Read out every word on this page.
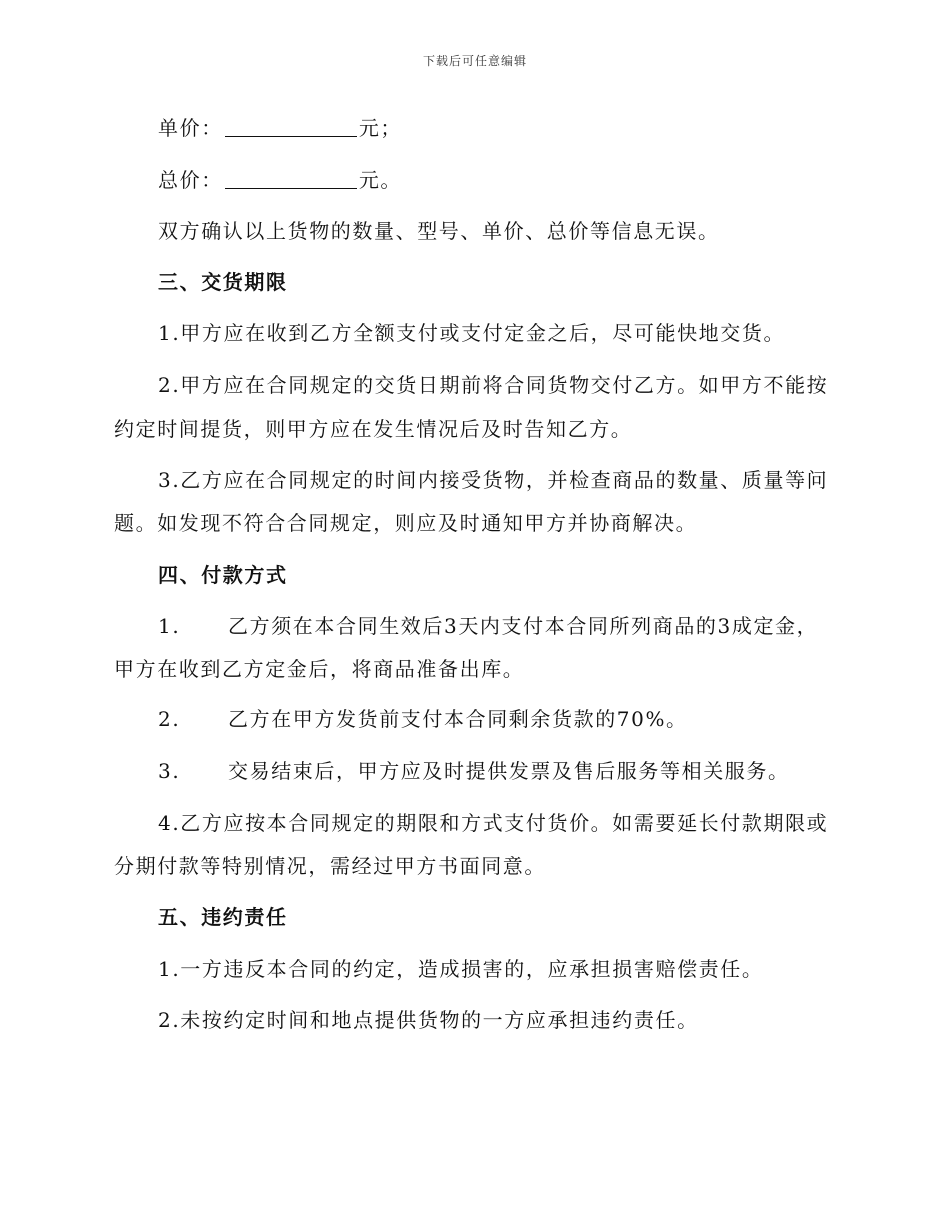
下载后可任意编辑
单价：	元；
总价：	元。
双方确认以上货物的数量、型号、单价、总价等信息无误。
三、交货期限
1.甲方应在收到乙方全额支付或支付定金之后，尽可能快地交货。
2.甲方应在合同规定的交货日期前将合同货物交付乙方。如甲方不能按
约定时间提货，则甲方应在发生情况后及时告知乙方。
3.乙方应在合同规定的时间内接受货物，并检查商品的数量、质量等问
题。如发现不符合合同规定，则应及时通知甲方并协商解决。
四、付款方式
1. 乙方须在本合同生效后3天内支付本合同所列商品的3成定金，
甲方在收到乙方定金后，将商品准备出库。
2. 乙方在甲方发货前支付本合同剩余货款的70%。
3. 交易结束后，甲方应及时提供发票及售后服务等相关服务。
4.乙方应按本合同规定的期限和方式支付货价。如需要延长付款期限或
分期付款等特别情况，需经过甲方书面同意。
五、违约责任
1.一方违反本合同的约定，造成损害的，应承担损害赔偿责任。
2.未按约定时间和地点提供货物的一方应承担违约责任。
